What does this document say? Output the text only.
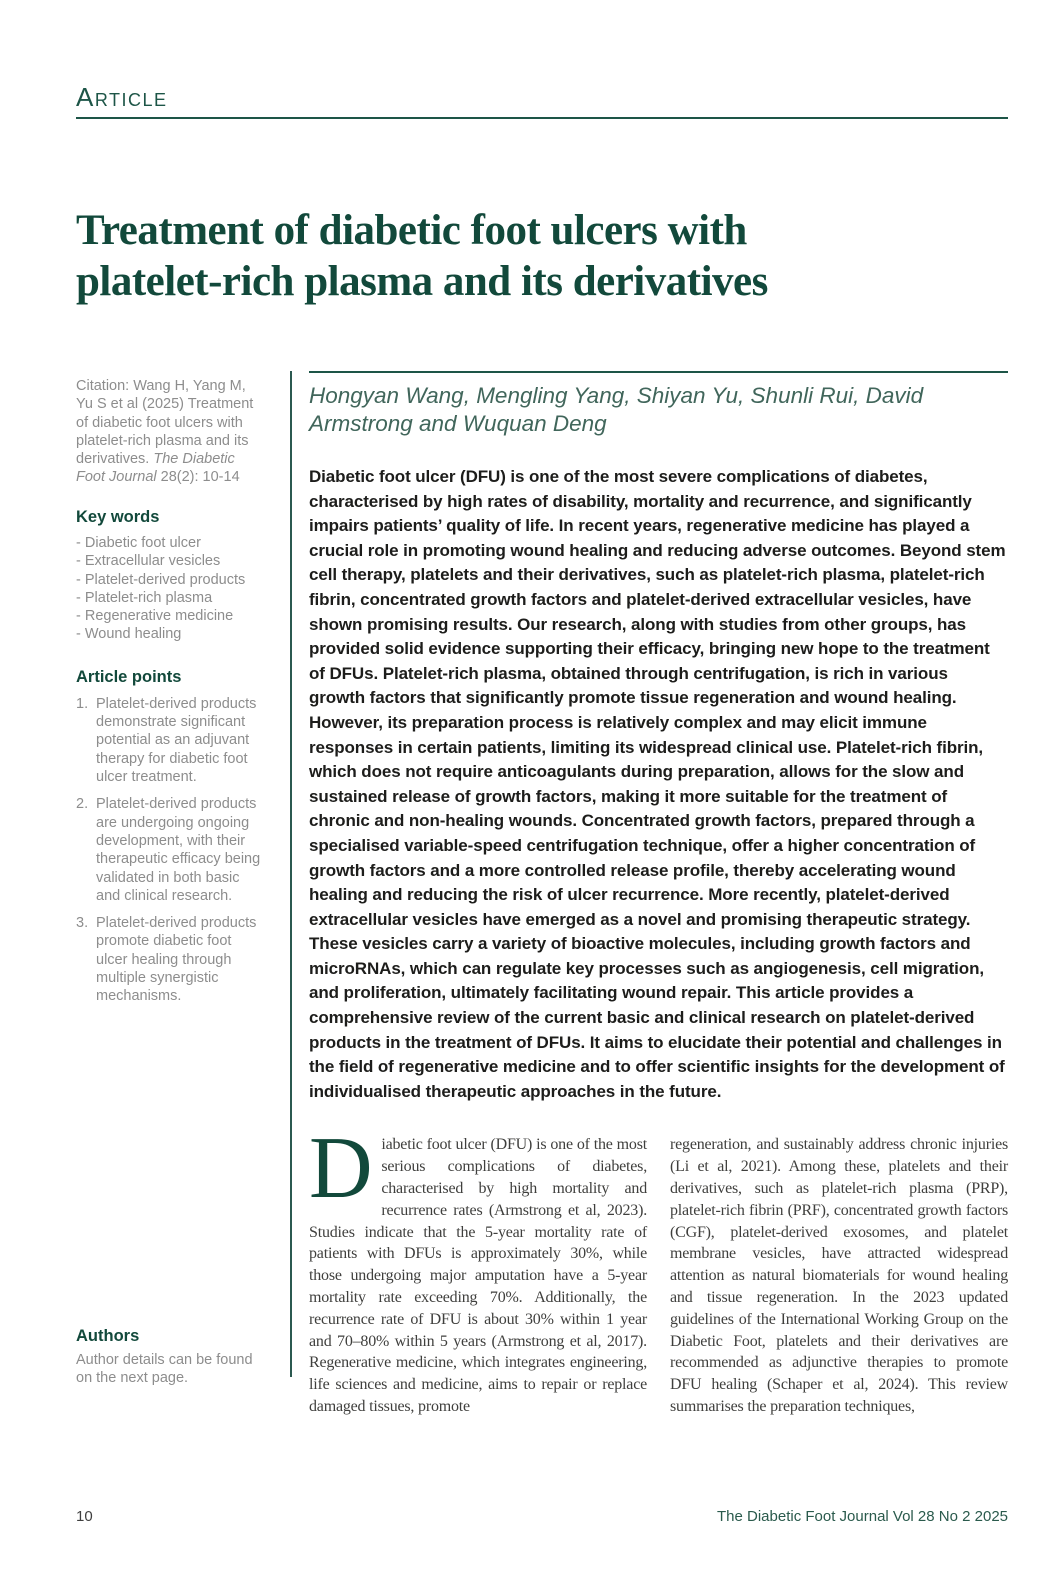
Article
Treatment of diabetic foot ulcers with
platelet-rich plasma and its derivatives

Citation: Wang H, Yang M, Yu S et al (2025) Treatment of diabetic foot ulcers with platelet-rich plasma and its derivatives. The Diabetic Foot Journal 28(2): 10-14

Key words
- Diabetic foot ulcer
- Extracellular vesicles
- Platelet-derived products
- Platelet-rich plasma
- Regenerative medicine
- Wound healing
Article points
1. Platelet-derived products demonstrate significant potential as an adjuvant therapy for diabetic foot ulcer treatment.
2. Platelet-derived products are undergoing ongoing development, with their therapeutic efficacy being validated in both basic and clinical research.
3. Platelet-derived products promote diabetic foot ulcer healing through multiple synergistic mechanisms.
Authors

Author details can be found on the next page.

Hongyan Wang, Mengling Yang, Shiyan Yu, Shunli Rui, David Armstrong and Wuquan Deng

Diabetic foot ulcer (DFU) is one of the most severe complications of diabetes, characterised by high rates of disability, mortality and recurrence, and significantly impairs patients’ quality of life. In recent years, regenerative medicine has played a crucial role in promoting wound healing and reducing adverse outcomes. Beyond stem cell therapy, platelets and their derivatives, such as platelet-rich plasma, platelet-rich fibrin, concentrated growth factors and platelet-derived extracellular vesicles, have shown promising results. Our research, along with studies from other groups, has provided solid evidence supporting their efficacy, bringing new hope to the treatment of DFUs. Platelet-rich plasma, obtained through centrifugation, is rich in various growth factors that significantly promote tissue regeneration and wound healing. However, its preparation process is relatively complex and may elicit immune responses in certain patients, limiting its widespread clinical use. Platelet-rich fibrin, which does not require anticoagulants during preparation, allows for the slow and sustained release of growth factors, making it more suitable for the treatment of chronic and non-healing wounds. Concentrated growth factors, prepared through a specialised variable-speed centrifugation technique, offer a higher concentration of growth factors and a more controlled release profile, thereby accelerating wound healing and reducing the risk of ulcer recurrence. More recently, platelet-derived extracellular vesicles have emerged as a novel and promising therapeutic strategy. These vesicles carry a variety of bioactive molecules, including growth factors and microRNAs, which can regulate key processes such as angiogenesis, cell migration, and proliferation, ultimately facilitating wound repair. This article provides a comprehensive review of the current basic and clinical research on platelet-derived products in the treatment of DFUs. It aims to elucidate their potential and challenges in the field of regenerative medicine and to offer scientific insights for the development of individualised therapeutic approaches in the future.

Diabetic foot ulcer (DFU) is one of the most serious complications of diabetes, characterised by high mortality and recurrence rates (Armstrong et al, 2023). Studies indicate that the 5-year mortality rate of patients with DFUs is approximately 30%, while those undergoing major amputation have a 5-year mortality rate exceeding 70%. Additionally, the recurrence rate of DFU is about 30% within 1 year and 70–80% within 5 years (Armstrong et al, 2017). Regenerative medicine, which integrates engineering, life sciences and medicine, aims to repair or replace damaged tissues, promote
regeneration, and sustainably address chronic injuries (Li et al, 2021). Among these, platelets and their derivatives, such as platelet-rich plasma (PRP), platelet-rich fibrin (PRF), concentrated growth factors (CGF), platelet-derived exosomes, and platelet membrane vesicles, have attracted widespread attention as natural biomaterials for wound healing and tissue regeneration. In the 2023 updated guidelines of the International Working Group on the Diabetic Foot, platelets and their derivatives are recommended as adjunctive therapies to promote DFU healing (Schaper et al, 2024). This review summarises the preparation techniques,
10	The Diabetic Foot Journal Vol 28 No 2 2025
